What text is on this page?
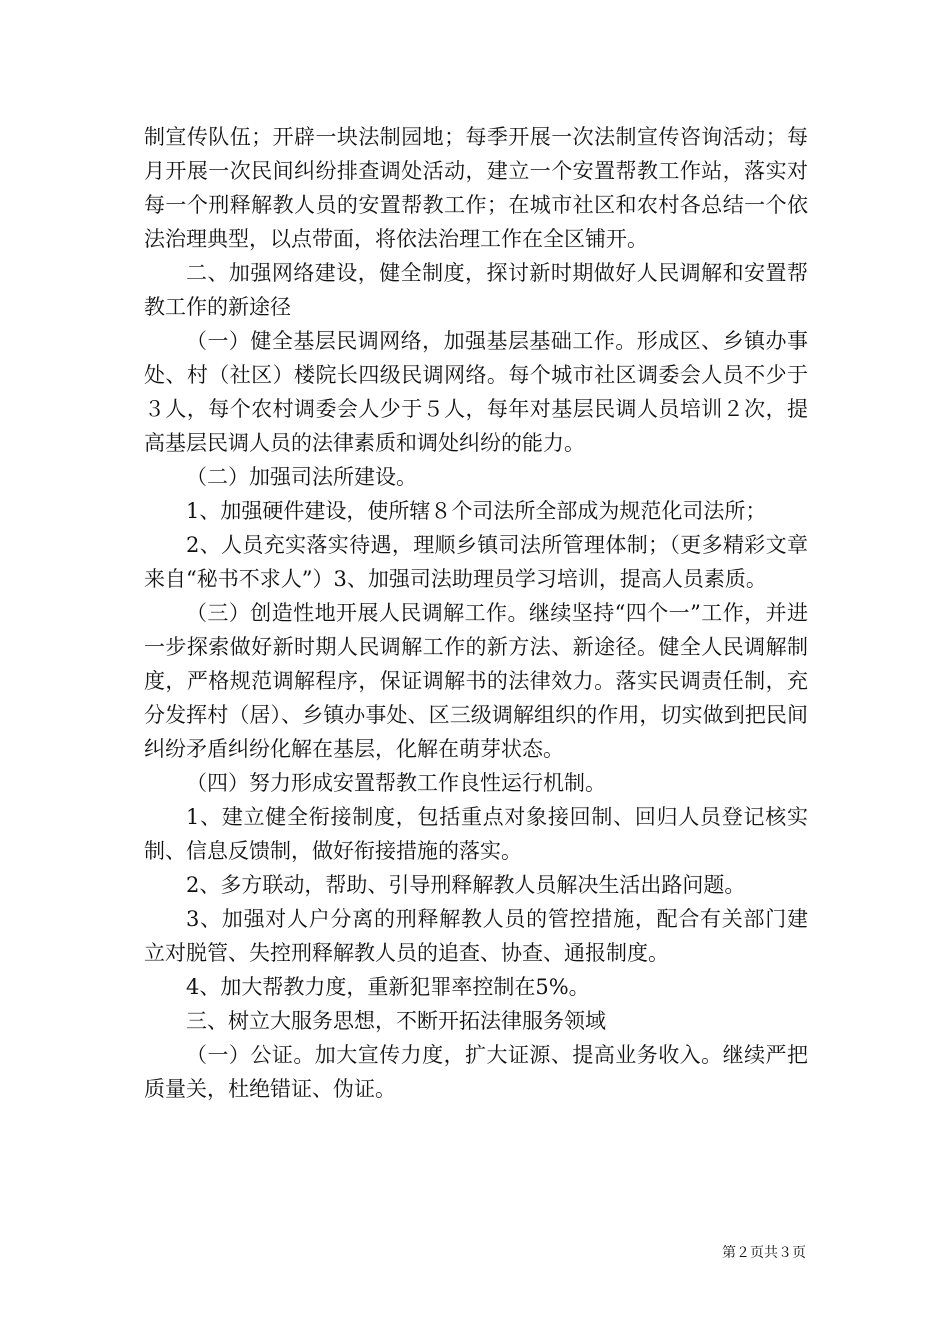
制宣传队伍；开辟一块法制园地；每季开展一次法制宣传咨询活动；每月开展一次民间纠纷排查调处活动，建立一个安置帮教工作站，落实对每一个刑释解教人员的安置帮教工作；在城市社区和农村各总结一个依法治理典型，以点带面，将依法治理工作在全区铺开。

二、加强网络建设，健全制度，探讨新时期做好人民调解和安置帮教工作的新途径

（一）健全基层民调网络，加强基层基础工作。形成区、乡镇办事处、村（社区）楼院长四级民调网络。每个城市社区调委会人员不少于３人，每个农村调委会人少于５人，每年对基层民调人员培训２次，提高基层民调人员的法律素质和调处纠纷的能力。

（二）加强司法所建设。

1、加强硬件建设，使所辖８个司法所全部成为规范化司法所；

2、人员充实落实待遇，理顺乡镇司法所管理体制；（更多精彩文章来自“秘书不求人”）3、加强司法助理员学习培训，提高人员素质。

（三）创造性地开展人民调解工作。继续坚持“四个一”工作，并进一步探索做好新时期人民调解工作的新方法、新途径。健全人民调解制度，严格规范调解程序，保证调解书的法律效力。落实民调责任制，充分发挥村（居）、乡镇办事处、区三级调解组织的作用，切实做到把民间纠纷矛盾纠纷化解在基层，化解在萌芽状态。

（四）努力形成安置帮教工作良性运行机制。

1、建立健全衔接制度，包括重点对象接回制、回归人员登记核实制、信息反馈制，做好衔接措施的落实。

2、多方联动，帮助、引导刑释解教人员解决生活出路问题。

3、加强对人户分离的刑释解教人员的管控措施，配合有关部门建立对脱管、失控刑释解教人员的追查、协查、通报制度。

4、加大帮教力度，重新犯罪率控制在5%。

三、树立大服务思想，不断开拓法律服务领域

（一）公证。加大宣传力度，扩大证源、提高业务收入。继续严把质量关，杜绝错证、伪证。

第２页共３页
